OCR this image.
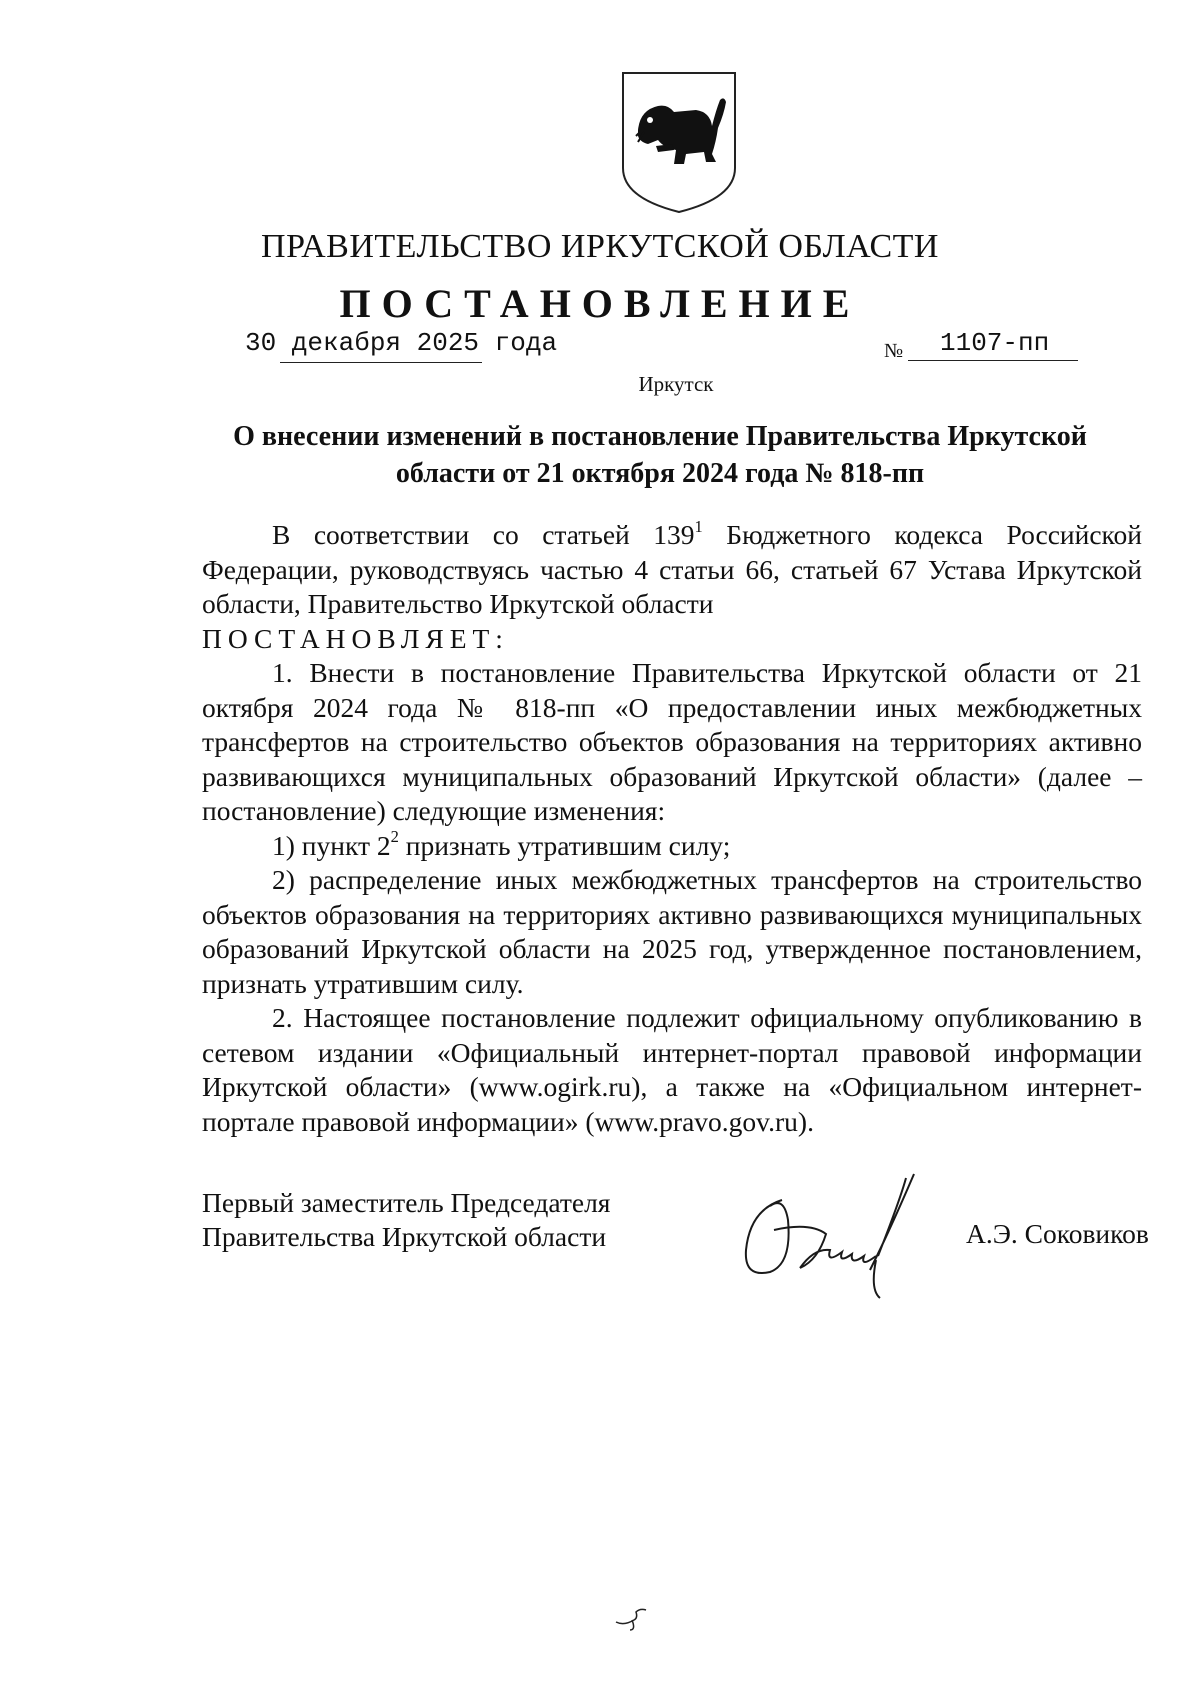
ПРАВИТЕЛЬСТВО ИРКУТСКОЙ ОБЛАСТИ
ПОСТАНОВЛЕНИЕ
30 декабря 2025 года	№ 1107-пп
Иркутск
О внесении изменений в постановление Правительства Иркутской
области от 21 октября 2024 года № 818-пп

В соответствии со статьей $139^1$ Бюджетного кодекса Российской Федерации, руководствуясь частью 4 статьи 66, статьей 67 Устава Иркутской области, Правительство Иркутской области

ПОСТАНОВЛЯЕТ:

1. Внести в постановление Правительства Иркутской области от 21 октября 2024 года № 818-пп «О предоставлении иных межбюджетных трансфертов на строительство объектов образования на территориях активно развивающихся муниципальных образований Иркутской области» (далее – постановление) следующие изменения:

1) пункт $2^2$ признать утратившим силу;

2) распределение иных межбюджетных трансфертов на строительство объектов образования на территориях активно развивающихся муниципальных образований Иркутской области на 2025 год, утвержденное постановлением, признать утратившим силу.

2. Настоящее постановление подлежит официальному опубликованию в сетевом издании «Официальный интернет-портал правовой информации Иркутской области» (www.ogirk.ru), а также на «Официальном интернет-портале правовой информации» (www.pravo.gov.ru).

Первый заместитель Председателя
Правительства Иркутской области	А.Э. Соковиков
